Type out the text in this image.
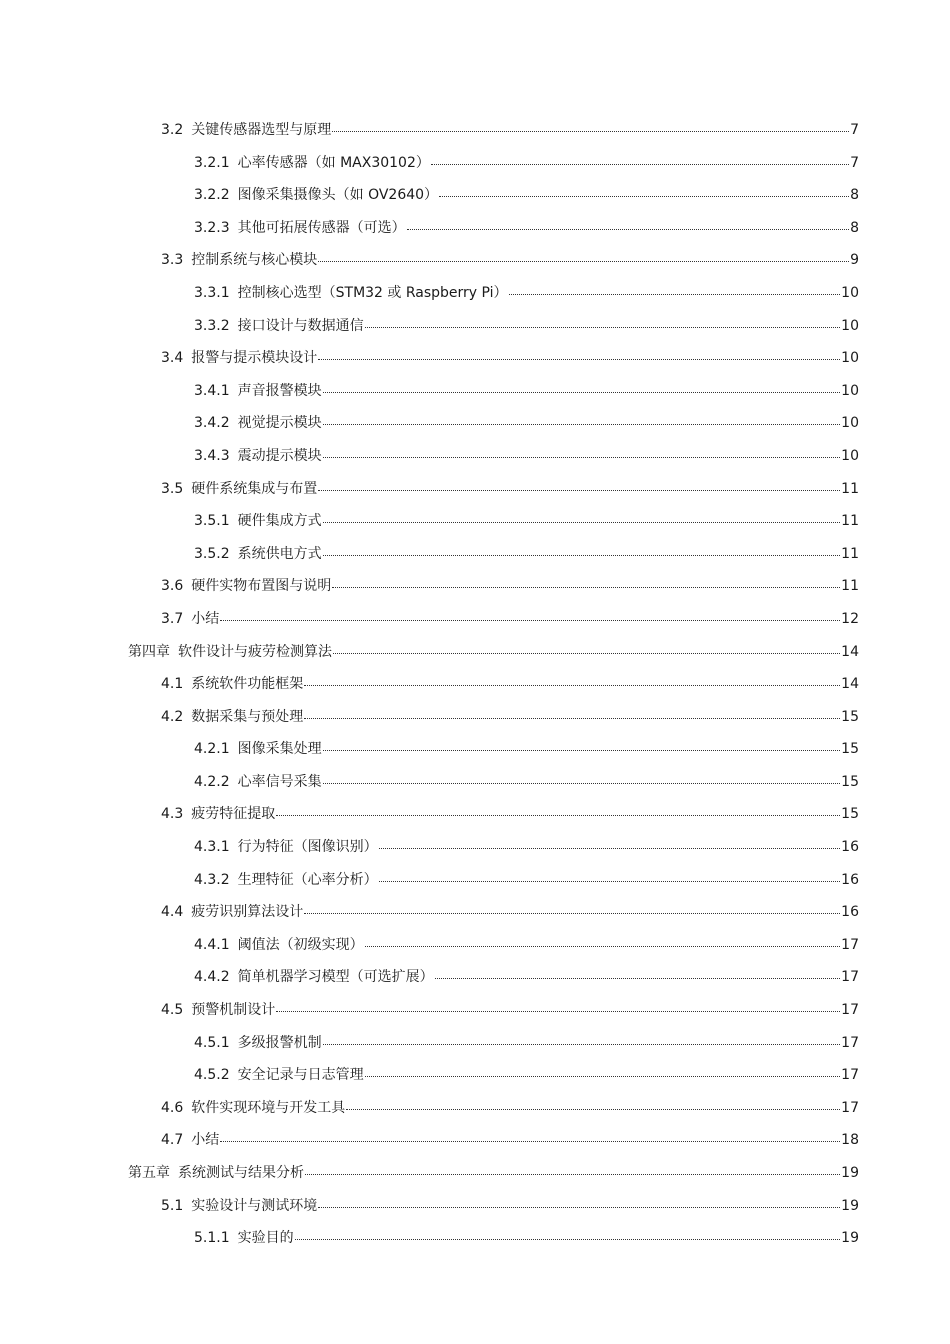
3.2 关键传感器选型与原理	7
3.2.1 心率传感器（如 MAX30102）	7
3.2.2 图像采集摄像头（如 OV2640）	8
3.2.3 其他可拓展传感器（可选）	8
3.3 控制系统与核心模块	9
3.3.1 控制核心选型（STM32 或 Raspberry Pi）	10
3.3.2 接口设计与数据通信	10
3.4 报警与提示模块设计	10
3.4.1 声音报警模块	10
3.4.2 视觉提示模块	10
3.4.3 震动提示模块	10
3.5 硬件系统集成与布置	11
3.5.1 硬件集成方式	11
3.5.2 系统供电方式	11
3.6 硬件实物布置图与说明	11
3.7 小结	12
第四章 软件设计与疲劳检测算法	14
4.1 系统软件功能框架	14
4.2 数据采集与预处理	15
4.2.1 图像采集处理	15
4.2.2 心率信号采集	15
4.3 疲劳特征提取	15
4.3.1 行为特征（图像识别）	16
4.3.2 生理特征（心率分析）	16
4.4 疲劳识别算法设计	16
4.4.1 阈值法（初级实现）	17
4.4.2 简单机器学习模型（可选扩展）	17
4.5 预警机制设计	17
4.5.1 多级报警机制	17
4.5.2 安全记录与日志管理	17
4.6 软件实现环境与开发工具	17
4.7 小结	18
第五章 系统测试与结果分析	19
5.1 实验设计与测试环境	19
5.1.1 实验目的	19
